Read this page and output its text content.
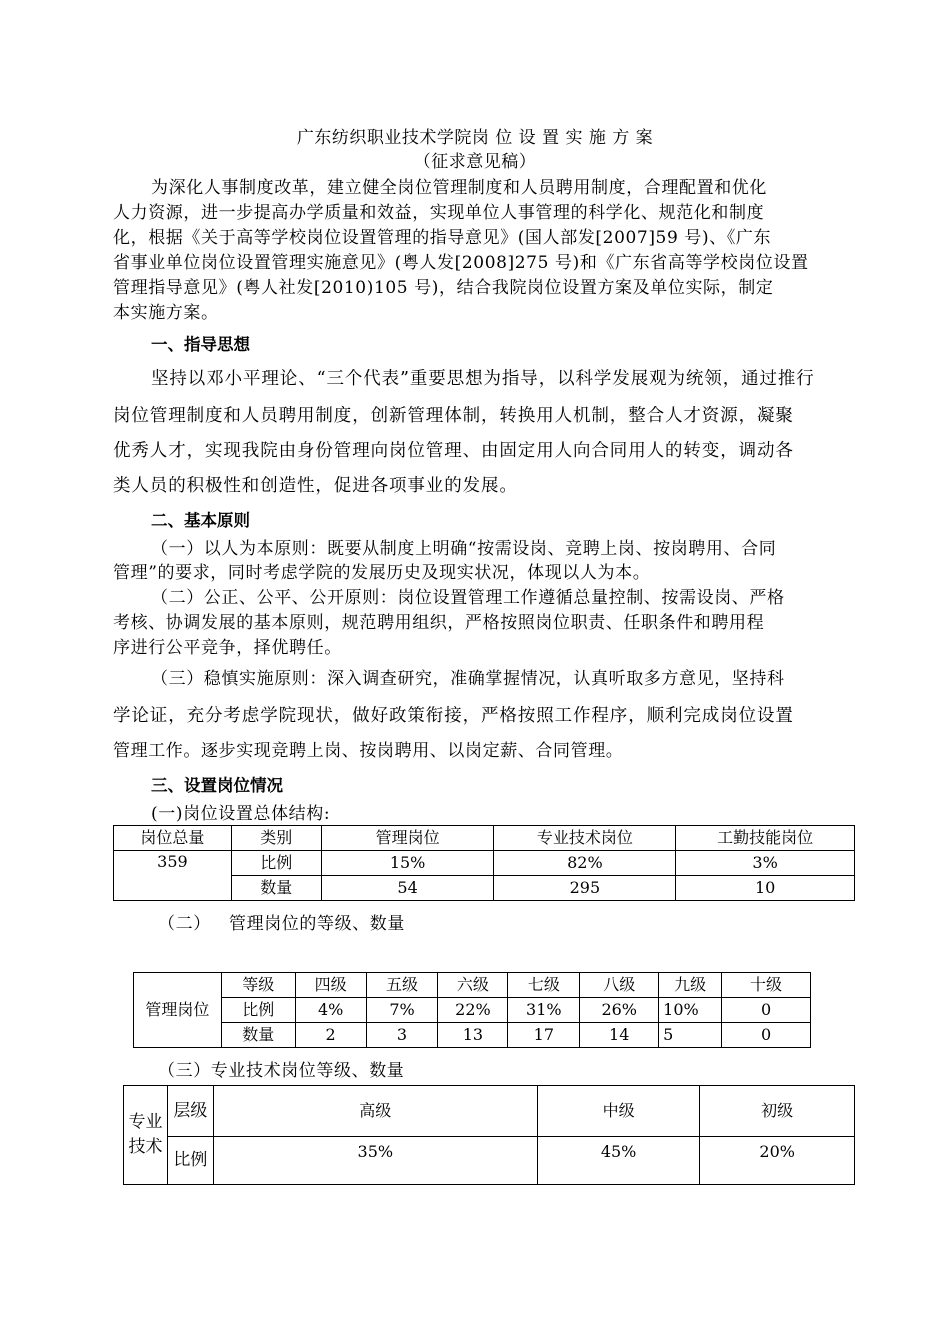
广东纺织职业技术学院岗 位 设 置 实 施 方 案
（征求意见稿）
为深化人事制度改革，建立健全岗位管理制度和人员聘用制度，合理配置和优化
人力资源，进一步提高办学质量和效益，实现单位人事管理的科学化、规范化和制度
化，根据《关于高等学校岗位设置管理的指导意见》(国人部发[2007]59 号)、《广东
省事业单位岗位设置管理实施意见》(粤人发[2008]275 号)和《广东省高等学校岗位设置
管理指导意见》(粤人社发[2010)105 号)，结合我院岗位设置方案及单位实际，制定
本实施方案。
一、指导思想
坚持以邓小平理论、“三个代表”重要思想为指导，以科学发展观为统领，通过推行
岗位管理制度和人员聘用制度，创新管理体制，转换用人机制，整合人才资源，凝聚
优秀人才，实现我院由身份管理向岗位管理、由固定用人向合同用人的转变，调动各
类人员的积极性和创造性，促进各项事业的发展。
二、基本原则
（一）以人为本原则：既要从制度上明确“按需设岗、竞聘上岗、按岗聘用、合同
管理”的要求，同时考虑学院的发展历史及现实状况，体现以人为本。
（二）公正、公平、公开原则：岗位设置管理工作遵循总量控制、按需设岗、严格
考核、协调发展的基本原则，规范聘用组织，严格按照岗位职责、任职条件和聘用程
序进行公平竞争，择优聘任。
（三）稳慎实施原则：深入调查研究，准确掌握情况，认真听取多方意见，坚持科
学论证，充分考虑学院现状，做好政策衔接，严格按照工作程序，顺利完成岗位设置
管理工作。逐步实现竞聘上岗、按岗聘用、以岗定薪、合同管理。
三、设置岗位情况
(一)岗位设置总体结构:
岗位总量	类别	管理岗位	专业技术岗位	工勤技能岗位
359	比例	15%	82%	3%
	数量	54	295	10
（二） 管理岗位的等级、数量
管理岗位	等级	四级	五级	六级	七级	八级	九级	十级
	比例	4%	7%	22%	31%	26%	10%	0
	数量	2	3	13	17	14	5	0
（三）专业技术岗位等级、数量
专业技术	层级	高级	中级	初级
	比例	35%	45%	20%
